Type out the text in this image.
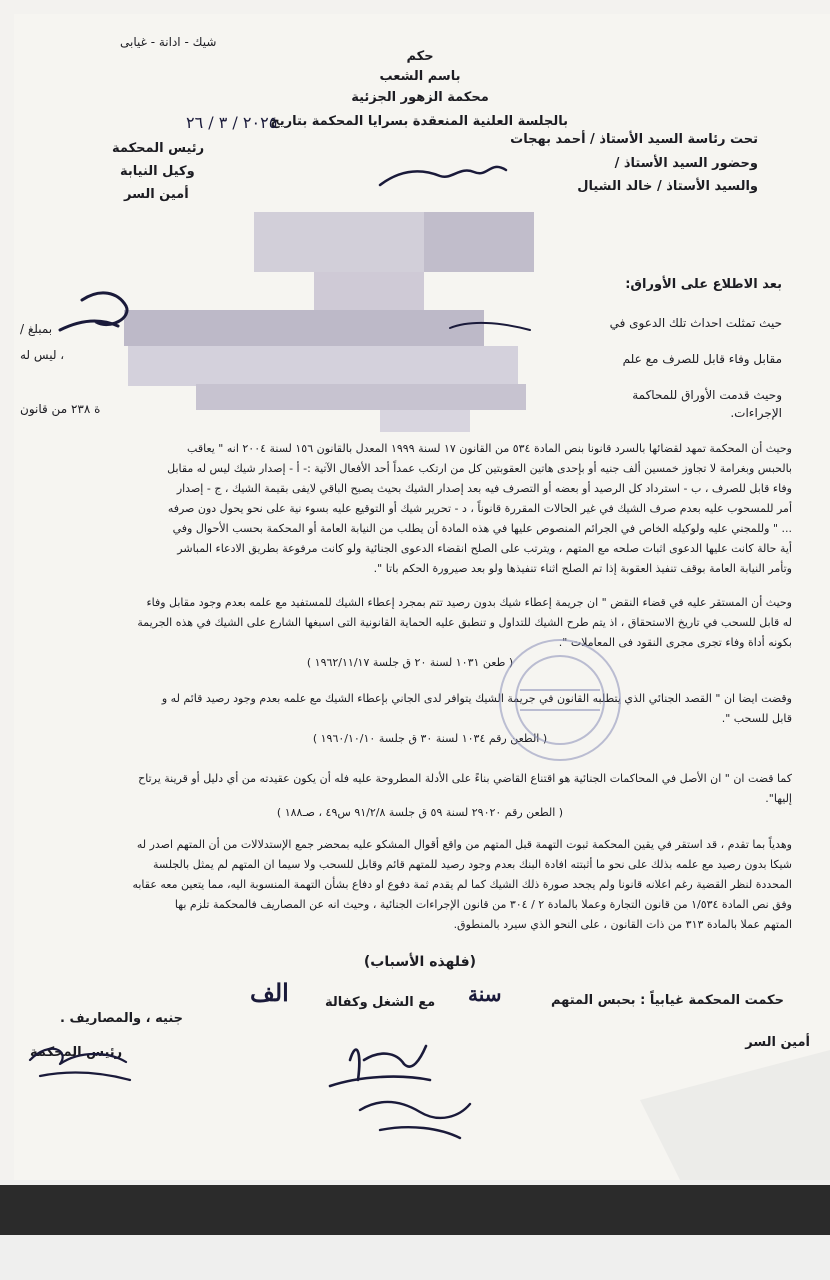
شيك - ادانة - غيابى
حكم
باسم الشعب
محكمة الزهور الجزئية
بالجلسة العلنية المنعقدة بسرايا المحكمة بتاريخ
٢٠٢٥ / ٣ / ٢٦
تحت رئاسة السيد الأستاذ / أحمد بهجات
رئيس المحكمة
وحضور السيد الأستاذ /
وكيل النيابة
والسيد الأستاذ / خالد الشيال
أمين السر
بعد الاطلاع على الأوراق:
حيث تمثلت احداث تلك الدعوى في
مقابل وفاء قابل للصرف مع علم
بمبلغ /
، ليس له
ة ٢٣٨ من قانون
وحيث قدمت الأوراق للمحاكمة
الإجراءات.
وحيث أن المحكمة تمهد لقضائها بالسرد قانونا بنص المادة ٥٣٤ من القانون ١٧ لسنة ١٩٩٩ المعدل بالقانون ١٥٦ لسنة ٢٠٠٤ انه " يعاقب
بالحبس وبغرامة لا تجاوز خمسين ألف جنيه أو بإحدى هاتين العقوبتين كل من ارتكب عمداً أحد الأفعال الآتية :- أ - إصدار شيك ليس له مقابل
وفاء قابل للصرف ، ب - استرداد كل الرصيد أو بعضه أو التصرف فيه بعد إصدار الشيك بحيث يصبح الباقي لايفى بقيمة الشيك ، ج - إصدار
أمر للمسحوب عليه بعدم صرف الشيك في غير الحالات المقررة قانوناً ، د - تحرير شيك أو التوقيع عليه بسوء نية على نحو يحول دون صرفه
... " وللمجني عليه ولوكيله الخاص في الجرائم المنصوص عليها في هذه المادة أن يطلب من النيابة العامة أو المحكمة بحسب الأحوال وفي
أية حالة كانت عليها الدعوى اثبات صلحه مع المتهم ، ويترتب على الصلح انقضاء الدعوى الجنائية ولو كانت مرفوعة بطريق الادعاء المباشر
وتأمر النيابة العامة بوقف تنفيذ العقوبة إذا تم الصلح اثناء تنفيذها ولو بعد صيرورة الحكم باتا ".
وحيث أن المستقر عليه في قضاء النقض " ان جريمة إعطاء شيك بدون رصيد تتم بمجرد إعطاء الشيك للمستفيد مع علمه بعدم وجود مقابل وفاء
له قابل للسحب في تاريخ الاستحقاق ، اذ يتم طرح الشيك للتداول و تنطبق عليه الحماية القانونية التى اسبغها الشارع على الشيك في هذه الجريمة
بكونه أداة وفاء تجرى مجرى النقود فى المعاملات ".
( طعن ١٠٣١ لسنة ٢٠ ق جلسة ١٩٦٢/١١/١٧ )
وقضت ايضا ان " القصد الجنائي الذي يتطلبه القانون في جريمة الشيك يتوافر لدى الجاني بإعطاء الشيك مع علمه بعدم وجود رصيد قائم له و
قابل للسحب ".
( الطعن رقم ١٠٣٤ لسنة ٣٠ ق جلسة ١٩٦٠/١٠/١٠ )
كما قضت ان " ان الأصل في المحاكمات الجنائية هو اقتناع القاضي بناءً على الأدلة المطروحة عليه فله أن يكون عقيدته من أي دليل أو قرينة يرتاح
إليها".
( الطعن رقم ٢٩٠٢٠ لسنة ٥٩ ق جلسة ٩١/٢/٨ س٤٩ ، صـ١٨٨ )
وهدياً بما تقدم ، قد استقر في يقين المحكمة ثبوت التهمة قبل المتهم من واقع أقوال المشكو عليه بمحضر جمع الإستدلالات من أن المتهم اصدر له
شيكا بدون رصيد مع علمه بذلك على نحو ما أثبتته افادة البنك بعدم وجود رصيد للمتهم قائم وقابل للسحب ولا سيما ان المتهم لم يمثل بالجلسة
المحددة لنظر القضية رغم اعلانه قانونا ولم يجحد صورة ذلك الشيك كما لم يقدم ثمة دفوع او دفاع بشأن التهمة المنسوبة اليه، مما يتعين معه عقابه
وفق نص المادة ١/٥٣٤ من قانون التجارة وعملا بالمادة ٢ / ٣٠٤ من قانون الإجراءات الجنائية ، وحيث انه عن المصاريف فالمحكمة تلزم بها
المتهم عملا بالمادة ٣١٣ من ذات القانون ، على النحو الذي سيرد بالمنطوق.
(فلهذه الأسباب)
حكمت المحكمة غيابياً : بحبس المتهم
سنة
مع الشغل وكفالة
الف
جنيه ، والمصاريف .
أمين السر
رئيس المحكمة
